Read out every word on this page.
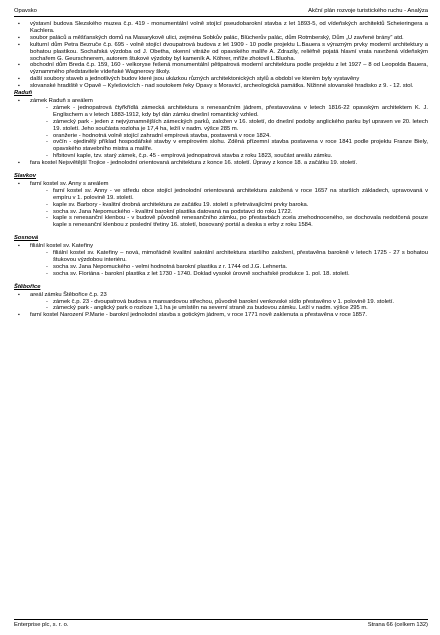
Opavsko	Akční plán rozvoje turistického ruchu - Analýza
▪ výstavní budova Slezského muzea č.p. 419 - monumentální volně stojící pseudobarokní stavba z let 1893-5, od vídeňských architektů Scheieringera a Kachlera.
▪ soubor paláců a měšťanských domů na Masarykově ulici, zejména Sobkův palác, Blücherův palác, dům Rotmberský, Dům „U zavřené brány“ atd.
▪ kulturní dům Petra Bezruče č.p. 695 - volně stojící dvoupatrová budova z let 1909 - 10 podle projektu L.Bauera s výrazným prvky moderní architektury a bohatou plastikou. Sochařská výzdoba od J. Obetha, okenní vitráže od opavského malíře A. Zdrazily, reliéfně pojatá hlavní vrata navržená vídeňským sochařem G. Geurschnerem, autorem štukové výzdoby byl kameník A. Köhrer, mříže zhotovil L.Bluoha.
▪ obchodní dům Breda č.p. 159, 160 - velkoryse řešená monumentální pětipatrová moderní architektura podle projektu z let 1927 – 8 od Leopolda Bauera, význammého představitele vídeňské Wagnerovy školy.
▪ další soubory staveb a jednotlivých budov které jsou ukázkou různých architektonických stylů a období ve kterém byly vystavěny
▪ slovanské hradiště v Opavě – Kylešovicích - nad soutokem řeky Opavy s Moravicí, archeologická památka. Nížinné slovanské hradisko z 9. - 12. stol.
Raduň
▪ zámek Raduň s areálem
- zámek - jednopatrová čtyřkřídlá zámecká architektura s renesančním jádrem, přestavována v letech 1816-22 opavským architektem K. J. Englischem a v letech 1883-1912, kdy byl dán zámku dnešní romantický vzhled.
- zámecký park - jeden z nejvýznamnějších zámeckých parků, založen v 16. století, do dnešní podoby anglického parku byl upraven ve 20. letech 19. století. Jeho součásta rozloha je 17,4 ha, ležíí v nadm. výšce 285 m.
- oranžerie - hodnotná volně stojící zahradní empírová stavba, postavená v roce 1824.
- ovčín - ojedinělý příklad hospodářské stavby v empírovém slohu. Zděná přízemní stavba postavena v roce 1841 podle projektu Franze Biely, opavského stavebního mistra a malíře.
- hřbitovní kaple, tzv. starý zámek, č.p. 45 - empírová jednopatrová stavba z roku 1823, součást areálu zámku.
▪ fara kostel Nejsvětější Trojice - jednolodní orientovaná architektura z konce 16. století. Úpravy z konce 18. a začátku 19. století.
Slavkov
▪ farní kostel sv. Anny s areálem
- farní kostel sv. Anny - ve středu obce stojící jednolodní orientovaná architektura založená v roce 1657 na starších základech, upravovaná v empíru v 1. polovině 19. století.
- kaple sv. Barbory - kvalitní drobná architektura ze začátku 19. století s přetrvávajícími prvky baroka.
- socha sv. Jana Nepomuckého - kvalitní barokní plastika datovaná na podstavci do roku 1722.
- kaple s renesanční klenbou - v budově původně renesančního zámku, po přestavbách zcela znehodnoceného, se dochovala nedotčená pouze kaple s renesanční klenbou z poslední třetiny 16. století, bosovaný portál a deska s erby z roku 1584.
Sosnová
▪ filiální kostel sv. Kateřiny
- filiální kostel sv. Kateřiny – nová, mimořádně kvalitní sakrální architektura staršího založení, přestavěna barokně v letech 1725 - 27 s bohatou štukovou výzdobou interiéru.
- socha sv. Jana Nepomuckého - velmi hodnotná barokní plastika z r. 1744 od J.G. Lehnerta.
- socha sv. Floriána - barokní plastika z let 1730 - 1740. Doklad vysoké úrovně sochařské produkce 1. pol. 18. století.
Štěbořice
▪ areál zámku Štěbořice č.p. 23
- zámek č.p. 23 - dvoupatrová budova s mansardovou střechou, původně barokní venkovské sídlo přestavěno v 1. polovině 19. století.
- zámecký park - anglický park o rozloze 1,1 ha je umístěn na severní straně za budovou zámku. Leží v nadm. výšce 295 m.
▪ farní kostel Narození P.Marie - barokní jednolodní stavba s gotickým jádrem, v roce 1771 nově zaklenuta a přestavěna v roce 1857.
Enterprise plc, s. r. o.	Strana 66 (celkem 132)
